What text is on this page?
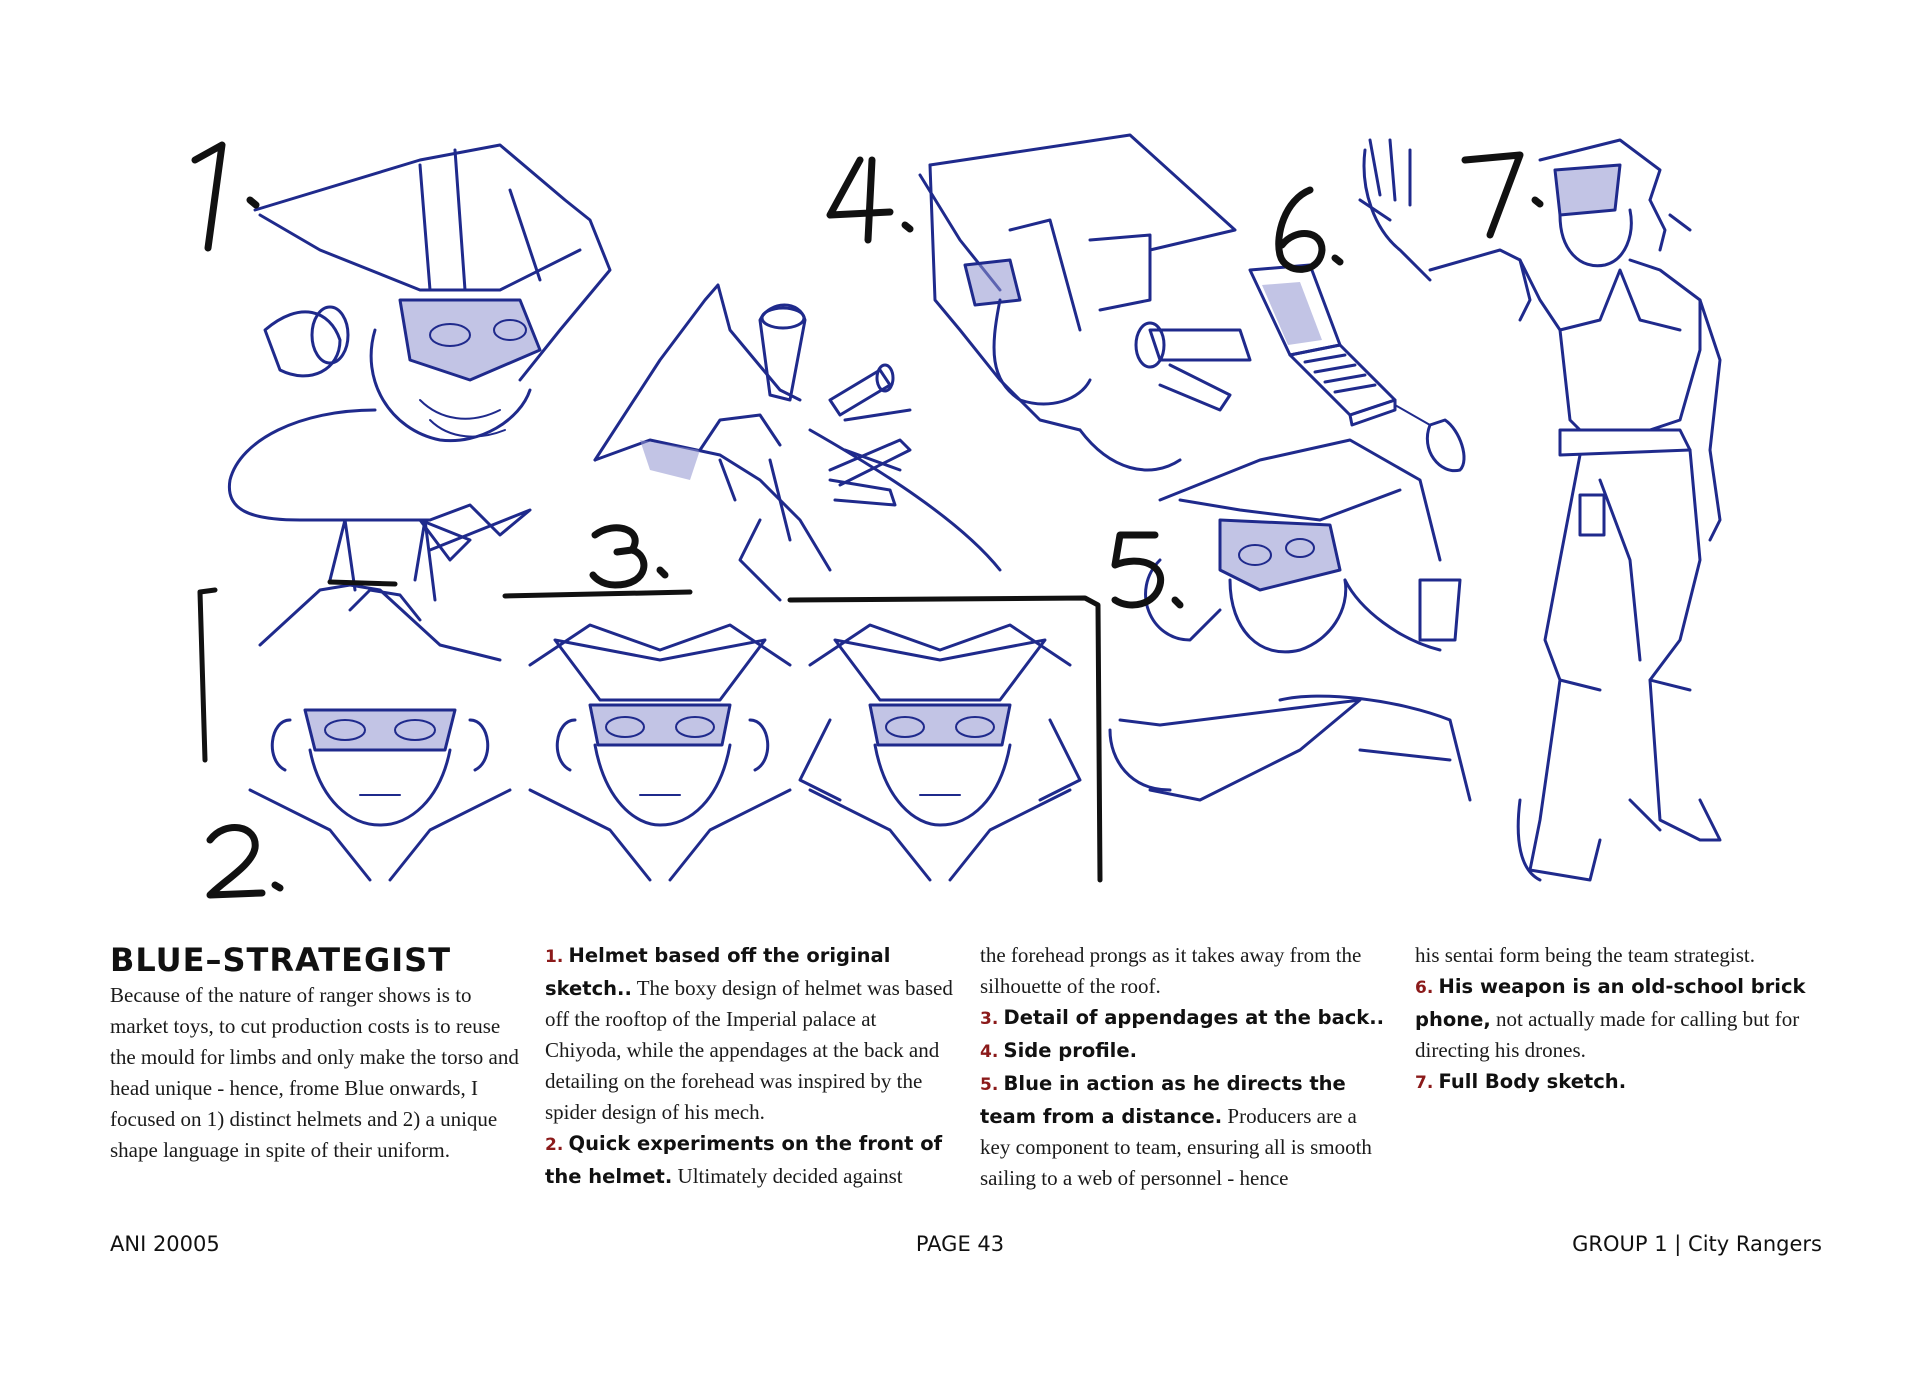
BLUE–STRATEGIST

Because of the nature of ranger shows is to market toys, to cut production costs is to reuse the mould for limbs and only make the torso and head unique - hence, frome Blue onwards, I focused on 1) distinct helmets and 2) a unique shape language in spite of their uniform.

1. Helmet based off the original sketch.. The boxy design of helmet was based off the rooftop of the Imperial palace at Chiyoda, while the appendages at the back and detailing on the forehead was inspired by the spider design of his mech.

2. Quick experiments on the front of the helmet. Ultimately decided against

the forehead prongs as it takes away from the silhouette of the roof.

3. Detail of appendages at the back..

4. Side profile.

5. Blue in action as he directs the team from a distance. Producers are a key component to team, ensuring all is smooth sailing to a web of personnel - hence

his sentai form being the team strategist.

6. His weapon is an old-school brick phone, not actually made for calling but for directing his drones.

7. Full Body sketch.

ANI 20005	PAGE 43	GROUP 1 | City Rangers
